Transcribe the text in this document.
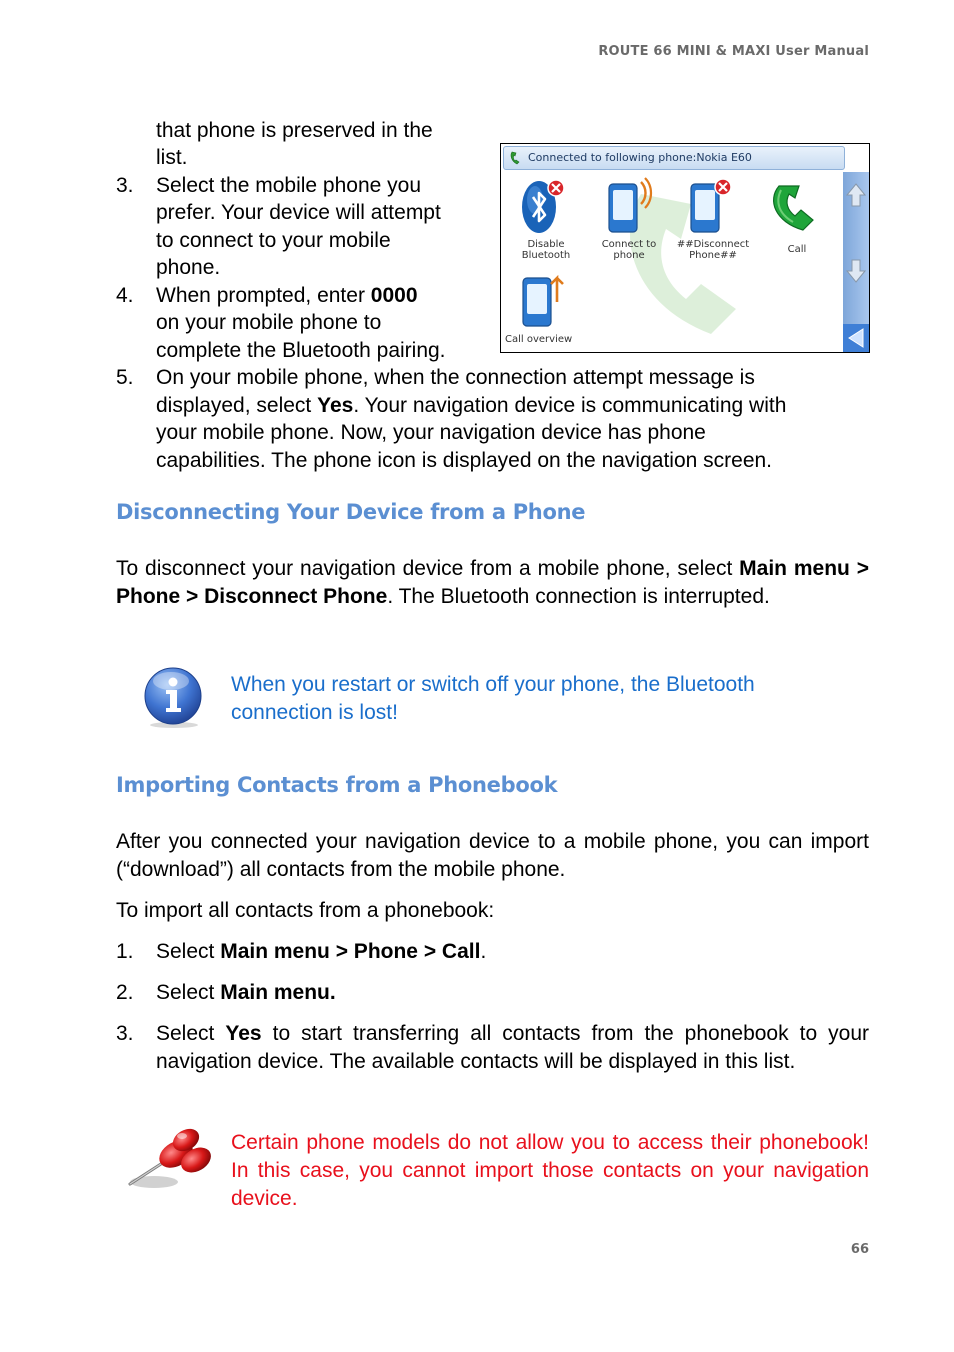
ROUTE 66 MINI & MAXI User Manual
that phone is preserved in the
list.
3. Select the mobile phone you
prefer. Your device will attempt
to connect to your mobile
phone.
4. When prompted, enter 0000
on your mobile phone to
complete the Bluetooth pairing.
5. On your mobile phone, when the connection attempt message is
displayed, select Yes. Your navigation device is communicating with
your mobile phone. Now, your navigation device has phone
capabilities. The phone icon is displayed on the navigation screen.
Connected to following phone:Nokia E60
Disable
Bluetooth
Connect to
phone
##Disconnect
Phone##
Call
Call overview
Disconnecting Your Device from a Phone
To disconnect your navigation device from a mobile phone, select Main menu > Phone > Disconnect Phone. The Bluetooth connection is interrupted.
When you restart or switch off your phone, the Bluetooth connection is lost!
Importing Contacts from a Phonebook
After you connected your navigation device to a mobile phone, you can import (“download”) all contacts from the mobile phone.
To import all contacts from a phonebook:
1. Select Main menu > Phone > Call.
2. Select Main menu.
3. Select Yes to start transferring all contacts from the phonebook to your navigation device. The available contacts will be displayed in this list.
Certain phone models do not allow you to access their phonebook! In this case, you cannot import those contacts on your navigation device.
66
